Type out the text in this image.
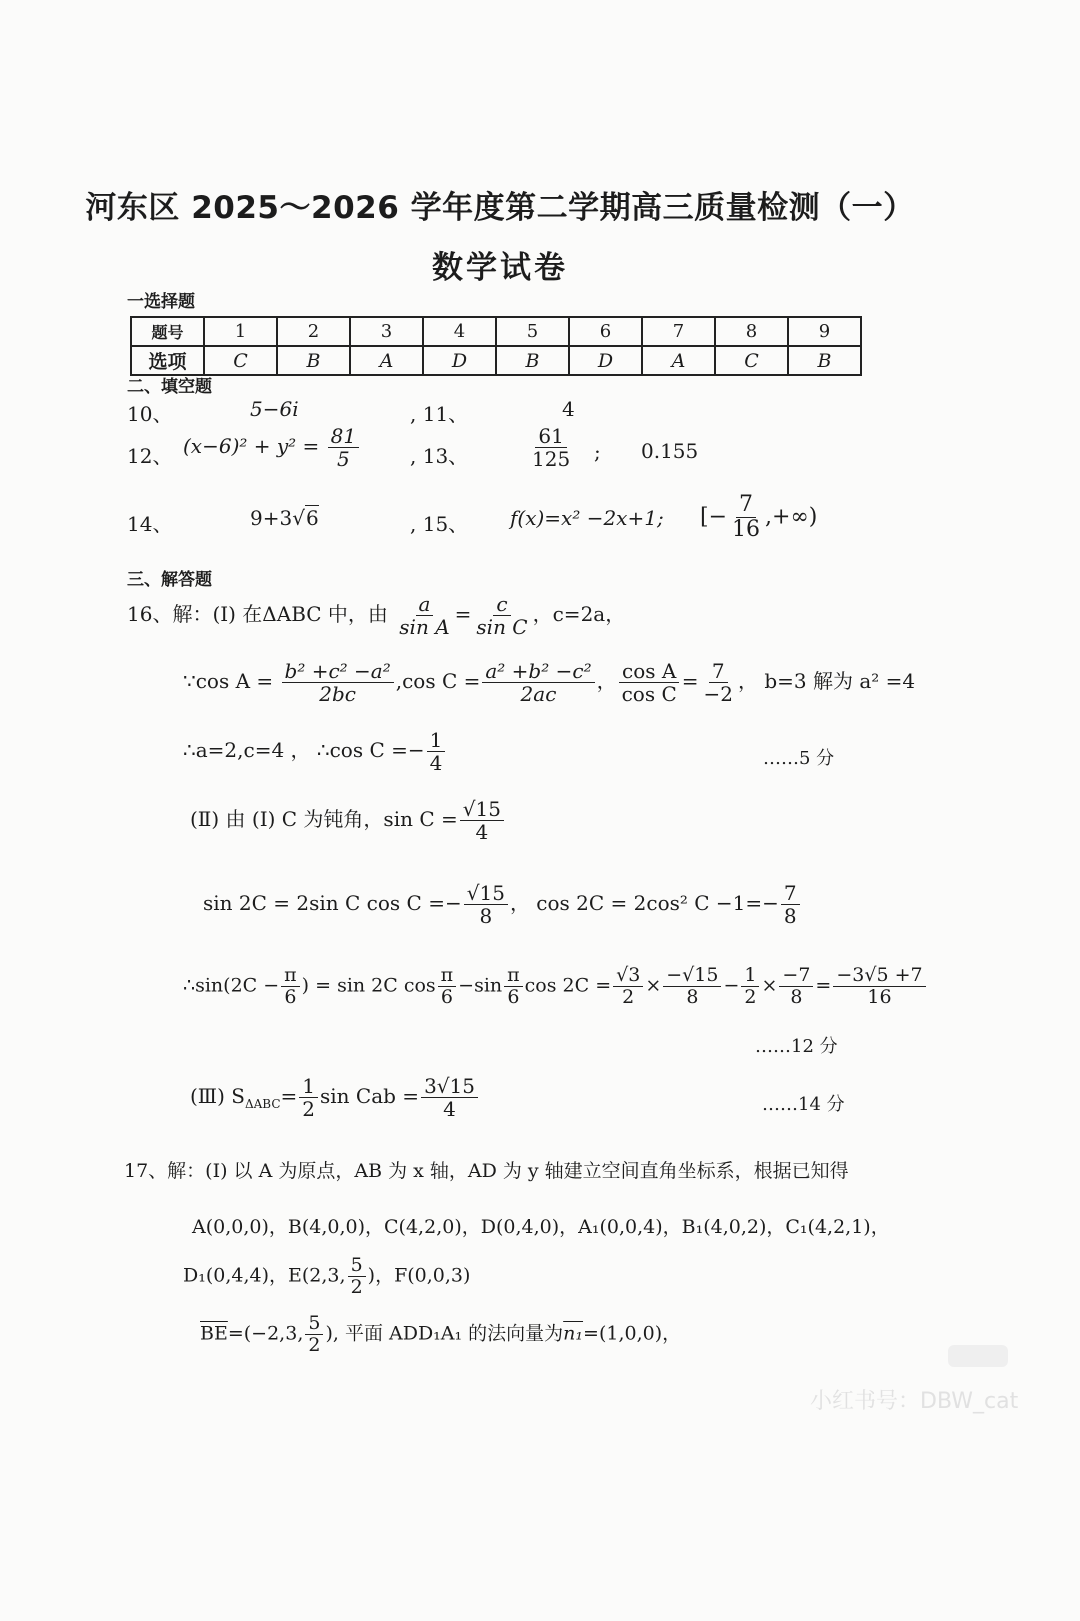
河东区 2025～2026 学年度第二学期高三质量检测（一）
数学试卷
一选择题
题号	1	2	3	4	5	6	7	8	9
选项	C	B	A	D	B	D	A	C	B
二、填空题
10、	5−6i	, 11、	4
12、 $(x-6)^2 + y^2 = \frac{81}{5}$	, 13、	$\frac{61}{125}$ ; 0.155
14、	9+3√6	, 15、 f(x)=x² −2x+1; [− $\frac{7}{16}$ ,+∞)
三、解答题
16、解：(Ⅰ) 在ΔABC 中，由 $\frac{a}{\text{sin A}} = \frac{c}{\text{sin C}}$ ，c=2a，
∵cos $A = \frac{\text{b² +c² −a²}}{2bc} ,\cos$ $C = \frac{\text{a² +b² −c²}}{2ac}$ ， $\frac{\text{cos A}}{\text{cos C}} = \frac{7}{-2}$ ， b=3 解为 a² =4
∴a=2,c=4 ， ∴cos $C =- \frac{1}{4}$	……5 分
(Ⅱ) 由 (Ⅰ) C 为钝角，$\sin C = \frac{√15}{4}$
sin 2C = 2sin C $\cos C =- \frac{√15}{8}$ ， cos 2C = 2cos² $C -1=- \frac{7}{8}$
∴sin(2C − $\frac{\pi}{6}$ ) = sin 2C $\cos \frac{\pi}{6} -\sin \frac{\pi}{6}$ $\cos 2C = \frac{√3}{2} \times \frac{-√15}{8} - \frac{1}{2} \times \frac{-7}{8} = \frac{-3√5 +7}{16}$
……12 分
(Ⅲ) $S_{\Delta ABC}= \frac{1}{2}$ sin Cab = $\frac{3√15}{4}$	……14 分
17、解：(Ⅰ) 以 A 为原点，AB 为 x 轴，AD 为 y 轴建立空间直角坐标系，根据已知得
A(0,0,0)，B(4,0,0)，C(4,2,0)，D(0,4,0)，A₁(0,0,4)，B₁(4,0,2)，C₁(4,2,1)，
D₁(0,4,4)，E(2,3, $\frac{5}{2}$ )，F(0,0,3)
$\overline{BE}=(-2,3$, $\frac{5}{2}$ ), 平面 ADD₁A₁ 的法向量为n₁=(1,0,0)，
小红书号：DBW_cat
